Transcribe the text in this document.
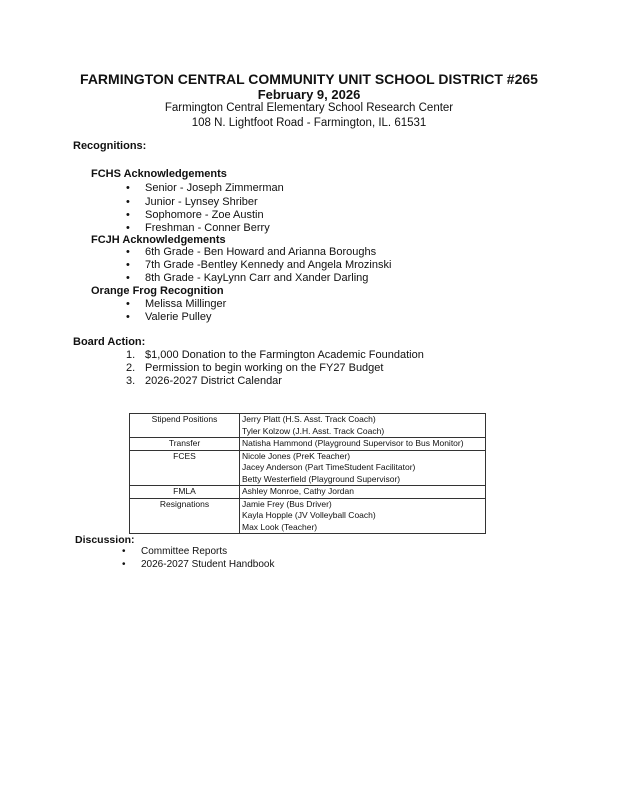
FARMINGTON CENTRAL COMMUNITY UNIT SCHOOL DISTRICT #265
February 9, 2026
Farmington Central Elementary School Research Center
108 N. Lightfoot Road - Farmington, IL. 61531
Recognitions:
FCHS Acknowledgements
• Senior - Joseph Zimmerman
• Junior - Lynsey Shriber
• Sophomore - Zoe Austin
• Freshman - Conner Berry
FCJH Acknowledgements
• 6th Grade - Ben Howard and Arianna Boroughs
• 7th Grade -Bentley Kennedy and Angela Mrozinski
• 8th Grade - KayLynn Carr and Xander Darling
Orange Frog Recognition
• Melissa Millinger
• Valerie Pulley
Board Action:
1. $1,000 Donation to the Farmington Academic Foundation
2. Permission to begin working on the FY27 Budget
3. 2026-2027 District Calendar
Stipend Positions	Jerry Platt (H.S. Asst. Track Coach)
Tyler Kolzow (J.H. Asst. Track Coach)

Transfer	Natisha Hammond (Playground Supervisor to Bus Monitor)

FCES	Nicole Jones (PreK Teacher)
Jacey Anderson (Part TimeStudent Facilitator)
Betty Westerfield (Playground Supervisor)

FMLA	Ashley Monroe, Cathy Jordan

Resignations	Jamie Frey (Bus Driver)
Kayla Hopple (JV Volleyball Coach)
Max Look (Teacher)
Discussion:
• Committee Reports
• 2026-2027 Student Handbook
